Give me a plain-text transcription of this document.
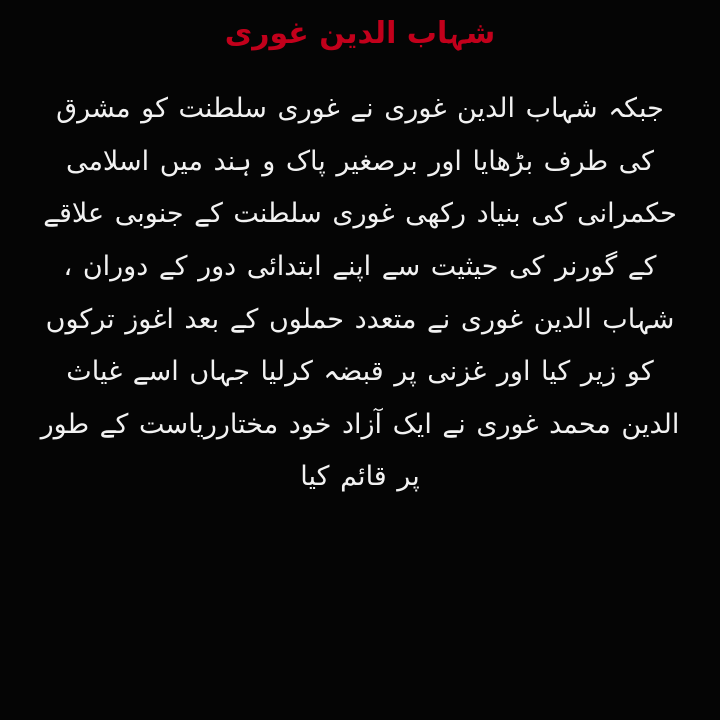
شہاب الدین غوری
جبکہ شہاب الدین غوری نے غوری سلطنت کو مشرق کی طرف بڑھایا اور برصغیر پاک و ہند میں اسلامی حکمرانی کی بنیاد رکھی غوری سلطنت کے جنوبی علاقے کے گورنر کی حیثیت سے اپنے ابتدائی دور کے دوران ، شہاب الدین غوری نے متعدد حملوں کے بعد اغوز ترکوں کو زیر کیا اور غزنی پر قبضہ کرلیا جہاں اسے غیاث الدین محمد غوری نے ایک آزاد خود مختارریاست کے طور پر قائم کیا
